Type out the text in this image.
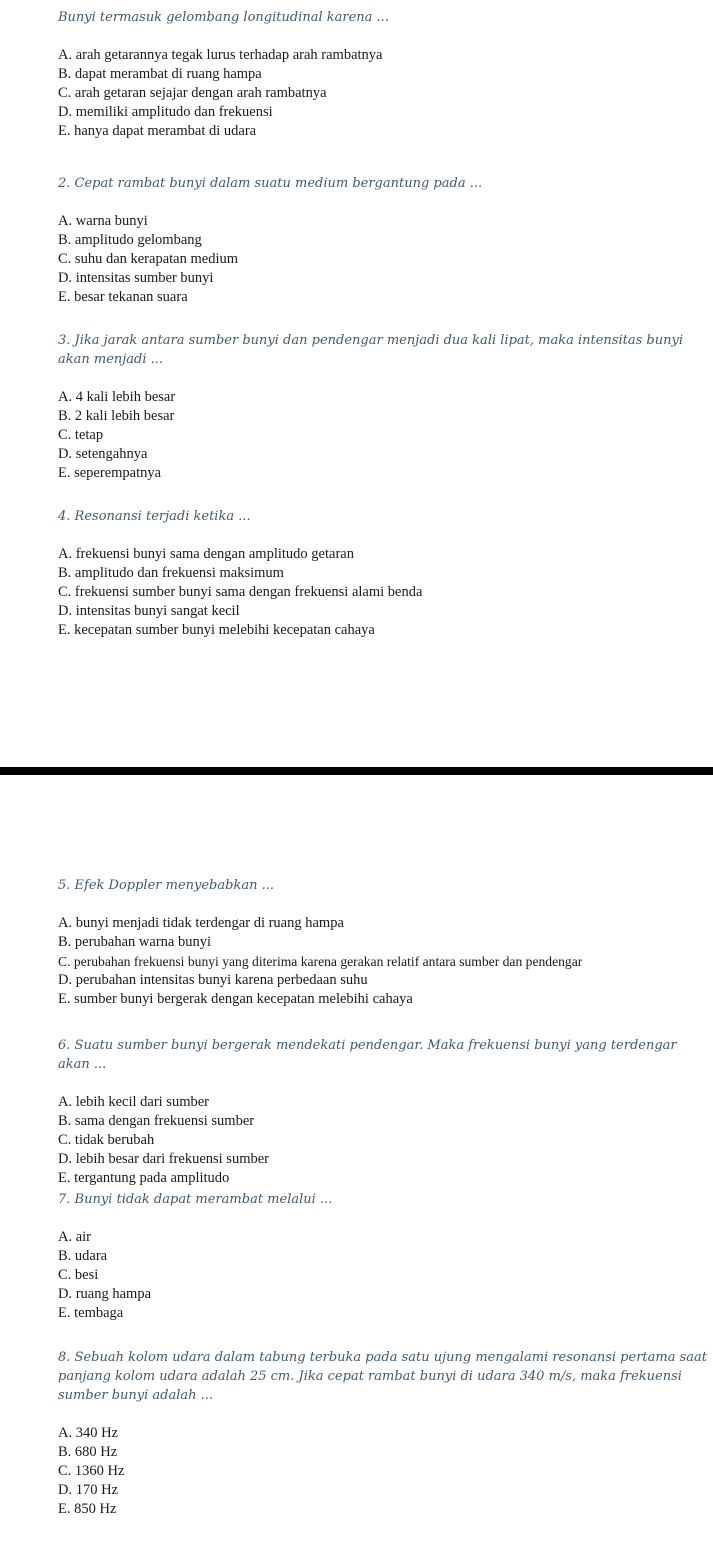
Bunyi termasuk gelombang longitudinal karena ...

A. arah getarannya tegak lurus terhadap arah rambatnya
B. dapat merambat di ruang hampa
C. arah getaran sejajar dengan arah rambatnya
D. memiliki amplitudo dan frekuensi
E. hanya dapat merambat di udara

2. Cepat rambat bunyi dalam suatu medium bergantung pada ...

A. warna bunyi
B. amplitudo gelombang
C. suhu dan kerapatan medium
D. intensitas sumber bunyi
E. besar tekanan suara

3. Jika jarak antara sumber bunyi dan pendengar menjadi dua kali lipat, maka intensitas bunyi akan menjadi ...

A. 4 kali lebih besar
B. 2 kali lebih besar
C. tetap
D. setengahnya
E. seperempatnya

4. Resonansi terjadi ketika ...

A. frekuensi bunyi sama dengan amplitudo getaran
B. amplitudo dan frekuensi maksimum
C. frekuensi sumber bunyi sama dengan frekuensi alami benda
D. intensitas bunyi sangat kecil
E. kecepatan sumber bunyi melebihi kecepatan cahaya

5. Efek Doppler menyebabkan ...

A. bunyi menjadi tidak terdengar di ruang hampa
B. perubahan warna bunyi
C. perubahan frekuensi bunyi yang diterima karena gerakan relatif antara sumber dan pendengar
D. perubahan intensitas bunyi karena perbedaan suhu
E. sumber bunyi bergerak dengan kecepatan melebihi cahaya

6. Suatu sumber bunyi bergerak mendekati pendengar. Maka frekuensi bunyi yang terdengar akan ...

A. lebih kecil dari sumber
B. sama dengan frekuensi sumber
C. tidak berubah
D. lebih besar dari frekuensi sumber
E. tergantung pada amplitudo

7. Bunyi tidak dapat merambat melalui ...

A. air
B. udara
C. besi
D. ruang hampa
E. tembaga

8. Sebuah kolom udara dalam tabung terbuka pada satu ujung mengalami resonansi pertama saat panjang kolom udara adalah 25 cm. Jika cepat rambat bunyi di udara 340 m/s, maka frekuensi sumber bunyi adalah ...

A. 340 Hz
B. 680 Hz
C. 1360 Hz
D. 170 Hz
E. 850 Hz
